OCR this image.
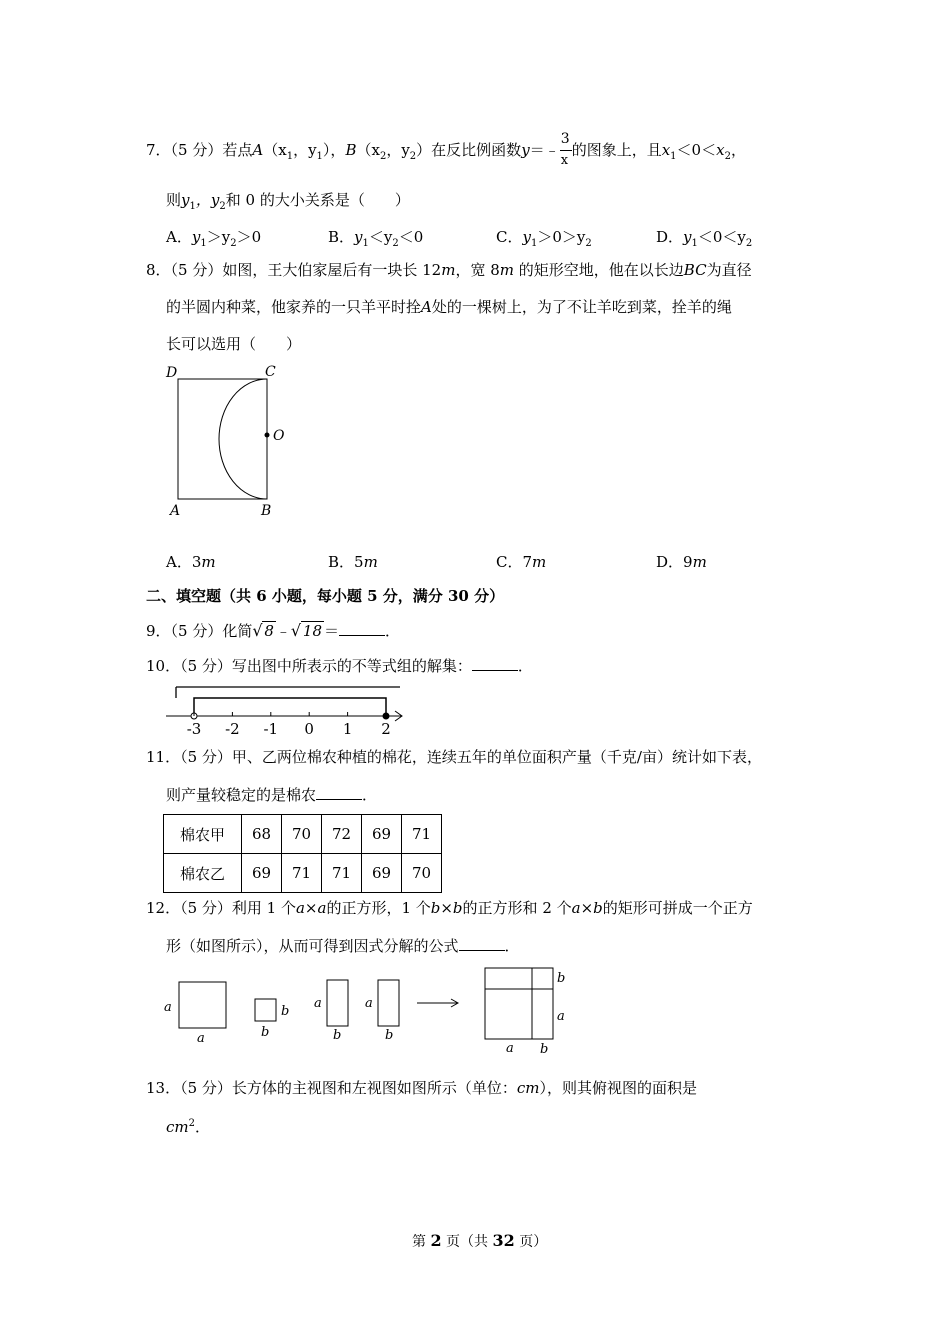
7．（5 分）若点$A(x_1$，$y_1$），$B(x_2$，$y_2$）在反比例函数y＝﹣ $\frac{3}{x}$ 的图象上，且$x_1<0<x_2$，
则$y_1$，$y_2$和 0 的大小关系是（　　）
A．$y_1>y_2>0$	B．$y_1<y_2<0$	C．$y_1>0>y_2$	D．$y_1<0<y_2$
8．（5 分）如图，王大伯家屋后有一块长 12m，宽 8m 的矩形空地，他在以长边BC为直径
的半圆内种菜，他家养的一只羊平时拴A处的一棵树上，为了不让羊吃到菜，拴羊的绳
长可以选用（　　）
D	C
O
A	B
A．3m	B．5m	C．7m	D．9m
二、填空题（共 6 小题，每小题 5 分，满分 30 分）
9．（5 分）化简 √ 8 ﹣ √ 18 ＝	．
10．（5 分）写出图中所表示的不等式组的解集：	．
-3 -2 -1 0 1 2
11．（5 分）甲、乙两位棉农种植的棉花，连续五年的单位面积产量（千克/亩）统计如下表，
则产量较稳定的是棉农	．
棉农甲	68	70	72	69	71
棉农乙	69	71	71	69	70
12．（5 分）利用 1 个a×a的正方形，1 个b×b的正方形和 2 个a×b的矩形可拼成一个正方
形（如图所示），从而可得到因式分解的公式	．
a
a
b
b
a
b
a
b
b
a
a b
13．（5 分）长方体的主视图和左视图如图所示（单位：cm），则其俯视图的面积是
$cm^2$．
第 2 页（共 32 页）
